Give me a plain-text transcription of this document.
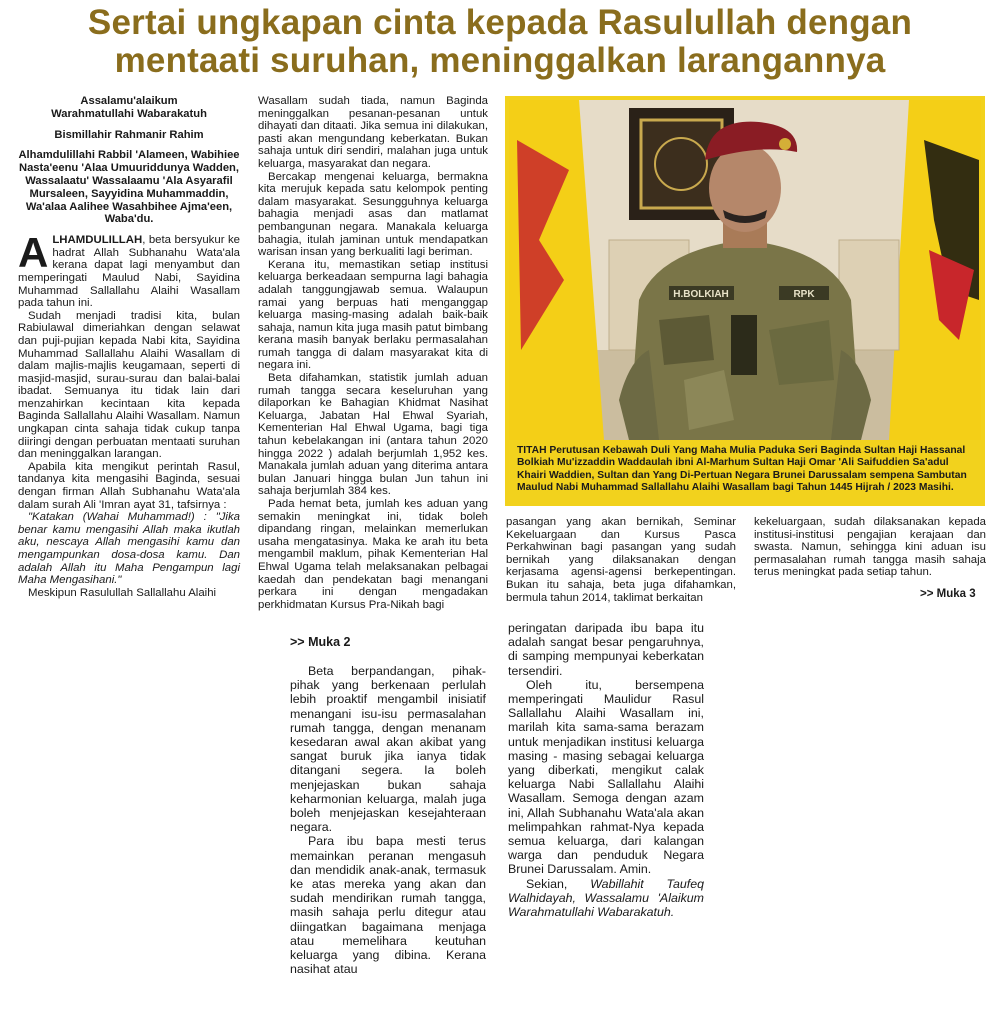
Sertai ungkapan cinta kepada Rasulullah dengan
mentaati suruhan, meninggalkan larangannya
Assalamu'alaikum
Warahmatullahi Wabarakatuh
Bismillahir Rahmanir Rahim
Alhamdulillahi Rabbil 'Alameen, Wabihiee Nasta'eenu 'Alaa Umuuriddunya Wadden, Wassalaatu' Wassalaamu 'Ala Asyarafil Mursaleen, Sayyidina Muhammaddin, Wa'alaa Aalihee Wasahbihee Ajma'een, Waba'du.

ALHAMDULILLAH, beta bersyukur ke hadrat Allah Subhanahu Wata'ala kerana dapat lagi menyambut dan memperingati Maulud Nabi, Sayidina Muhammad Sallallahu Alaihi Wasallam pada tahun ini.

Sudah menjadi tradisi kita, bulan Rabiulawal dimeriahkan dengan selawat dan puji-pujian kepada Nabi kita, Sayidina Muhammad Sallallahu Alaihi Wasallam di dalam majlis-majlis keugamaan, seperti di masjid-masjid, surau-surau dan balai-balai ibadat. Semuanya itu tidak lain dari menzahirkan kecintaan kita kepada Baginda Sallallahu Alaihi Wasallam. Namun ungkapan cinta sahaja tidak cukup tanpa diiringi dengan perbuatan mentaati suruhan dan meninggalkan larangan.

Apabila kita mengikut perintah Rasul, tandanya kita mengasihi Baginda, sesuai dengan firman Allah Subhanahu Wata'ala dalam surah Ali 'Imran ayat 31, tafsirnya :

"Katakan (Wahai Muhammad!) : "Jika benar kamu mengasihi Allah maka ikutlah aku, nescaya Allah mengasihi kamu dan mengampunkan dosa-dosa kamu. Dan adalah Allah itu Maha Pengampun lagi Maha Mengasihani."

Meskipun Rasulullah Sallallahu Alaihi

Wasallam sudah tiada, namun Baginda meninggalkan pesanan-pesanan untuk dihayati dan ditaati. Jika semua ini dilakukan, pasti akan mengundang keberkatan. Bukan sahaja untuk diri sendiri, malahan juga untuk keluarga, masyarakat dan negara.

Bercakap mengenai keluarga, bermakna kita merujuk kepada satu kelompok penting dalam masyarakat. Sesungguhnya keluarga bahagia menjadi asas dan matlamat pembangunan negara. Manakala keluarga bahagia, itulah jaminan untuk mendapatkan warisan insan yang berkualiti lagi beriman.

Kerana itu, memastikan setiap institusi keluarga berkeadaan sempurna lagi bahagia adalah tanggungjawab semua. Walaupun ramai yang berpuas hati menganggap keluarga masing-masing adalah baik-baik sahaja, namun kita juga masih patut bimbang kerana masih banyak berlaku permasalahan rumah tangga di dalam masyarakat kita di negara ini.

Beta difahamkan, statistik jumlah aduan rumah tangga secara keseluruhan yang dilaporkan ke Bahagian Khidmat Nasihat Keluarga, Jabatan Hal Ehwal Syariah, Kementerian Hal Ehwal Ugama, bagi tiga tahun kebelakangan ini (antara tahun 2020 hingga 2022 ) adalah berjumlah 1,952 kes. Manakala jumlah aduan yang diterima antara bulan Januari hingga bulan Jun tahun ini sahaja berjumlah 384 kes.

Pada hemat beta, jumlah kes aduan yang semakin meningkat ini, tidak boleh dipandang ringan, melainkan memerlukan usaha mengatasinya. Maka ke arah itu beta mengambil maklum, pihak Kementerian Hal Ehwal Ugama telah melaksanakan pelbagai kaedah dan pendekatan bagi menangani perkara ini dengan mengadakan perkhidmatan Kursus Pra-Nikah bagi

H.BOLKIAH	RPK
TITAH Perutusan Kebawah Duli Yang Maha Mulia Paduka Seri Baginda Sultan Haji Hassanal Bolkiah Mu'izzaddin Waddaulah ibni Al-Marhum Sultan Haji Omar 'Ali Saifuddien Sa'adul Khairi Waddien, Sultan dan Yang Di-Pertuan Negara Brunei Darussalam sempena Sambutan Maulud Nabi Muhammad Sallallahu Alaihi Wasallam bagi Tahun 1445 Hijrah / 2023 Masihi.

pasangan yang akan bernikah, Seminar Kekeluargaan dan Kursus Pasca Perkahwinan bagi pasangan yang sudah bernikah yang dilaksanakan dengan kerjasama agensi-agensi berkepentingan. Bukan itu sahaja, beta juga difahamkan, bermula tahun 2014, taklimat berkaitan

kekeluargaan, sudah dilaksanakan kepada institusi-institusi pengajian kerajaan dan swasta. Namun, sehingga kini aduan isu permasalahan rumah tangga masih sahaja terus meningkat pada setiap tahun.

>> Muka 3
>> Muka 2

Beta berpandangan, pihak-pihak yang berkenaan perlulah lebih proaktif mengambil inisiatif menangani isu-isu permasalahan rumah tangga, dengan menanam kesedaran awal akan akibat yang sangat buruk jika ianya tidak ditangani segera. Ia boleh menjejaskan bukan sahaja keharmonian keluarga, malah juga boleh menjejaskan kesejahteraan negara.

Para ibu bapa mesti terus memainkan peranan mengasuh dan mendidik anak-anak, termasuk ke atas mereka yang akan dan sudah mendirikan rumah tangga, masih sahaja perlu ditegur atau diingatkan bagaimana menjaga atau memelihara keutuhan keluarga yang dibina. Kerana nasihat atau

peringatan daripada ibu bapa itu adalah sangat besar pengaruhnya, di samping mempunyai keberkatan tersendiri.

Oleh itu, bersempena memperingati Maulidur Rasul Sallallahu Alaihi Wasallam ini, marilah kita sama-sama berazam untuk menjadikan institusi keluarga masing - masing sebagai keluarga yang diberkati, mengikut calak keluarga Nabi Sallallahu Alaihi Wasallam. Semoga dengan azam ini, Allah Subhanahu Wata'ala akan melimpahkan rahmat-Nya kepada semua keluarga, dari kalangan warga dan penduduk Negara Brunei Darussalam. Amin.

Sekian, Wabillahit Taufeq Walhidayah, Wassalamu 'Alaikum Warahmatullahi Wabarakatuh.
